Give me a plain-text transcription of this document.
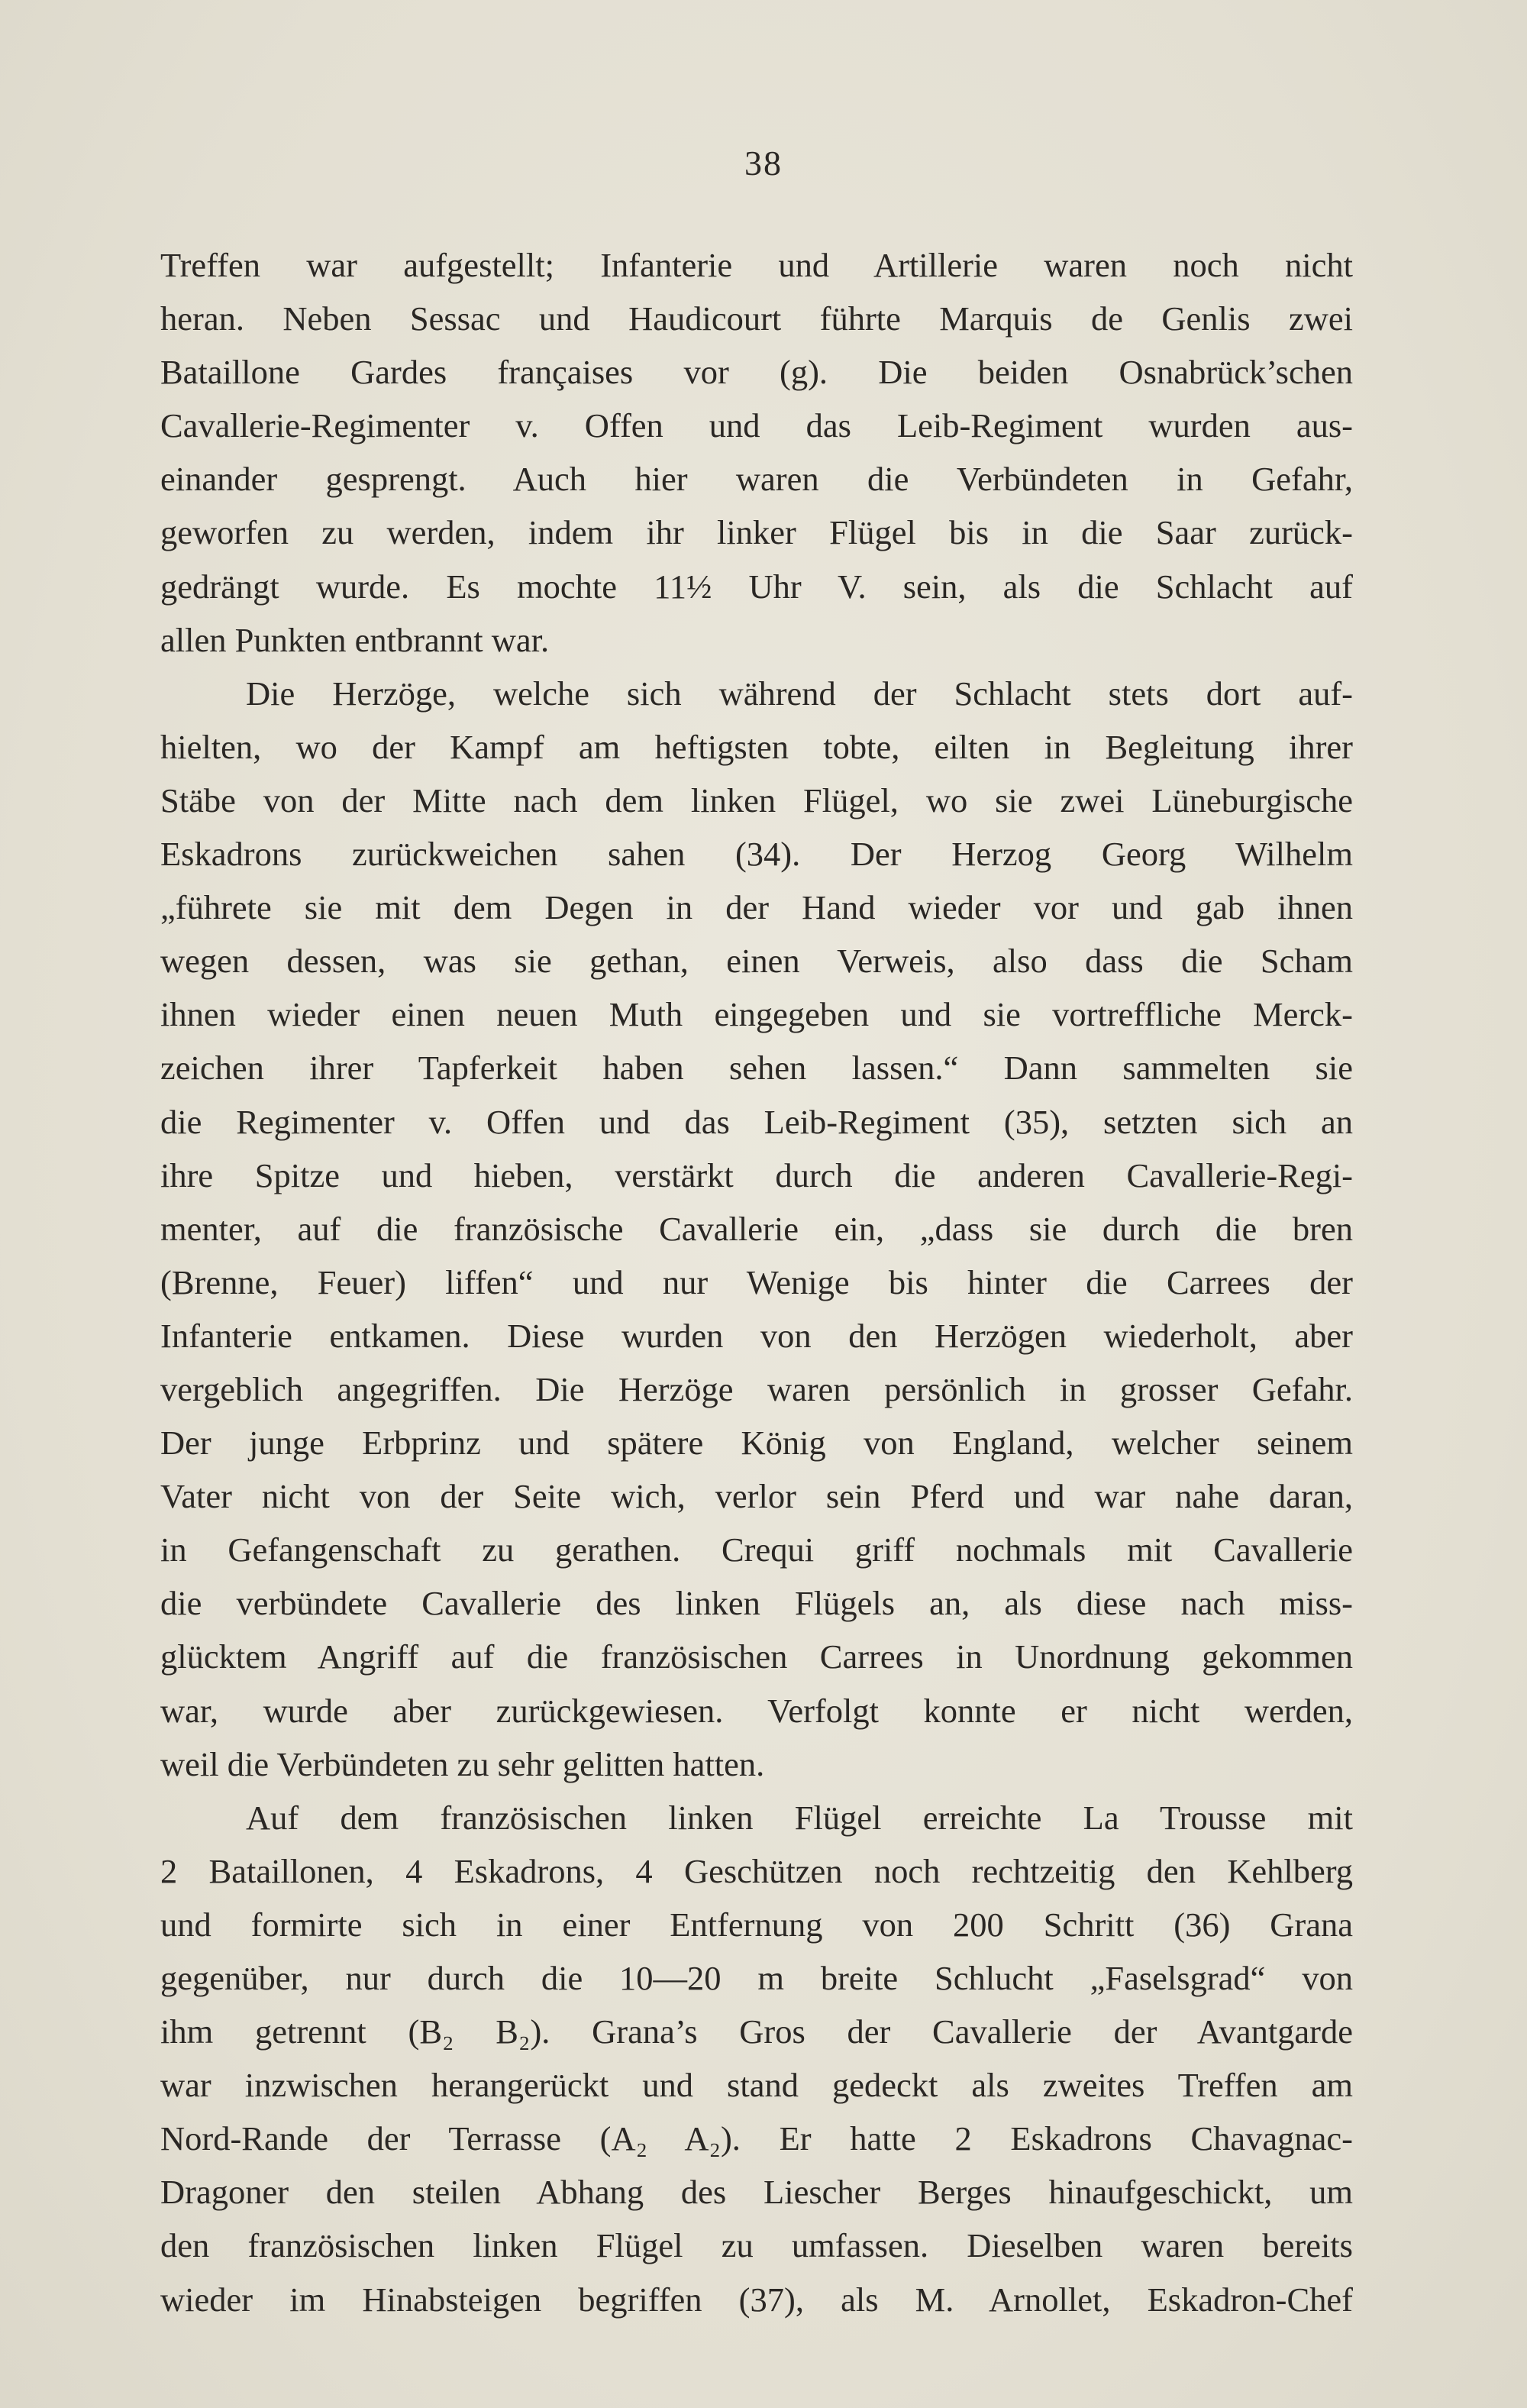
38
Treffen war aufgestellt; Infanterie und Artillerie waren noch nicht
heran. Neben Sessac und Haudicourt führte Marquis de Genlis zwei
Bataillone Gardes françaises vor (g). Die beiden Osnabrück’schen
Cavallerie-Regimenter v. Offen und das Leib-Regiment wurden aus-
einander gesprengt. Auch hier waren die Verbündeten in Gefahr,
geworfen zu werden, indem ihr linker Flügel bis in die Saar zurück-
gedrängt wurde. Es mochte 11½ Uhr V. sein, als die Schlacht auf
allen Punkten entbrannt war.
Die Herzöge, welche sich während der Schlacht stets dort auf-
hielten, wo der Kampf am heftigsten tobte, eilten in Begleitung ihrer
Stäbe von der Mitte nach dem linken Flügel, wo sie zwei Lüneburgische
Eskadrons zurückweichen sahen (34). Der Herzog Georg Wilhelm
„führete sie mit dem Degen in der Hand wieder vor und gab ihnen
wegen dessen, was sie gethan, einen Verweis, also dass die Scham
ihnen wieder einen neuen Muth eingegeben und sie vortreffliche Merck-
zeichen ihrer Tapferkeit haben sehen lassen.“ Dann sammelten sie
die Regimenter v. Offen und das Leib-Regiment (35), setzten sich an
ihre Spitze und hieben, verstärkt durch die anderen Cavallerie-Regi-
menter, auf die französische Cavallerie ein, „dass sie durch die bren
(Brenne, Feuer) liffen“ und nur Wenige bis hinter die Carrees der
Infanterie entkamen. Diese wurden von den Herzögen wiederholt, aber
vergeblich angegriffen. Die Herzöge waren persönlich in grosser Gefahr.
Der junge Erbprinz und spätere König von England, welcher seinem
Vater nicht von der Seite wich, verlor sein Pferd und war nahe daran,
in Gefangenschaft zu gerathen. Crequi griff nochmals mit Cavallerie
die verbündete Cavallerie des linken Flügels an, als diese nach miss-
glücktem Angriff auf die französischen Carrees in Unordnung gekommen
war, wurde aber zurückgewiesen. Verfolgt konnte er nicht werden,
weil die Verbündeten zu sehr gelitten hatten.
Auf dem französischen linken Flügel erreichte La Trousse mit
2 Bataillonen, 4 Eskadrons, 4 Geschützen noch rechtzeitig den Kehlberg
und formirte sich in einer Entfernung von 200 Schritt (36) Grana
gegenüber, nur durch die 10—20 m breite Schlucht „Faselsgrad“ von
ihm getrennt (B₂ B₂). Grana’s Gros der Cavallerie der Avantgarde
war inzwischen herangerückt und stand gedeckt als zweites Treffen am
Nord-Rande der Terrasse (A₂ A₂). Er hatte 2 Eskadrons Chavagnac-
Dragoner den steilen Abhang des Liescher Berges hinaufgeschickt, um
den französischen linken Flügel zu umfassen. Dieselben waren bereits
wieder im Hinabsteigen begriffen (37), als M. Arnollet, Eskadron-Chef
